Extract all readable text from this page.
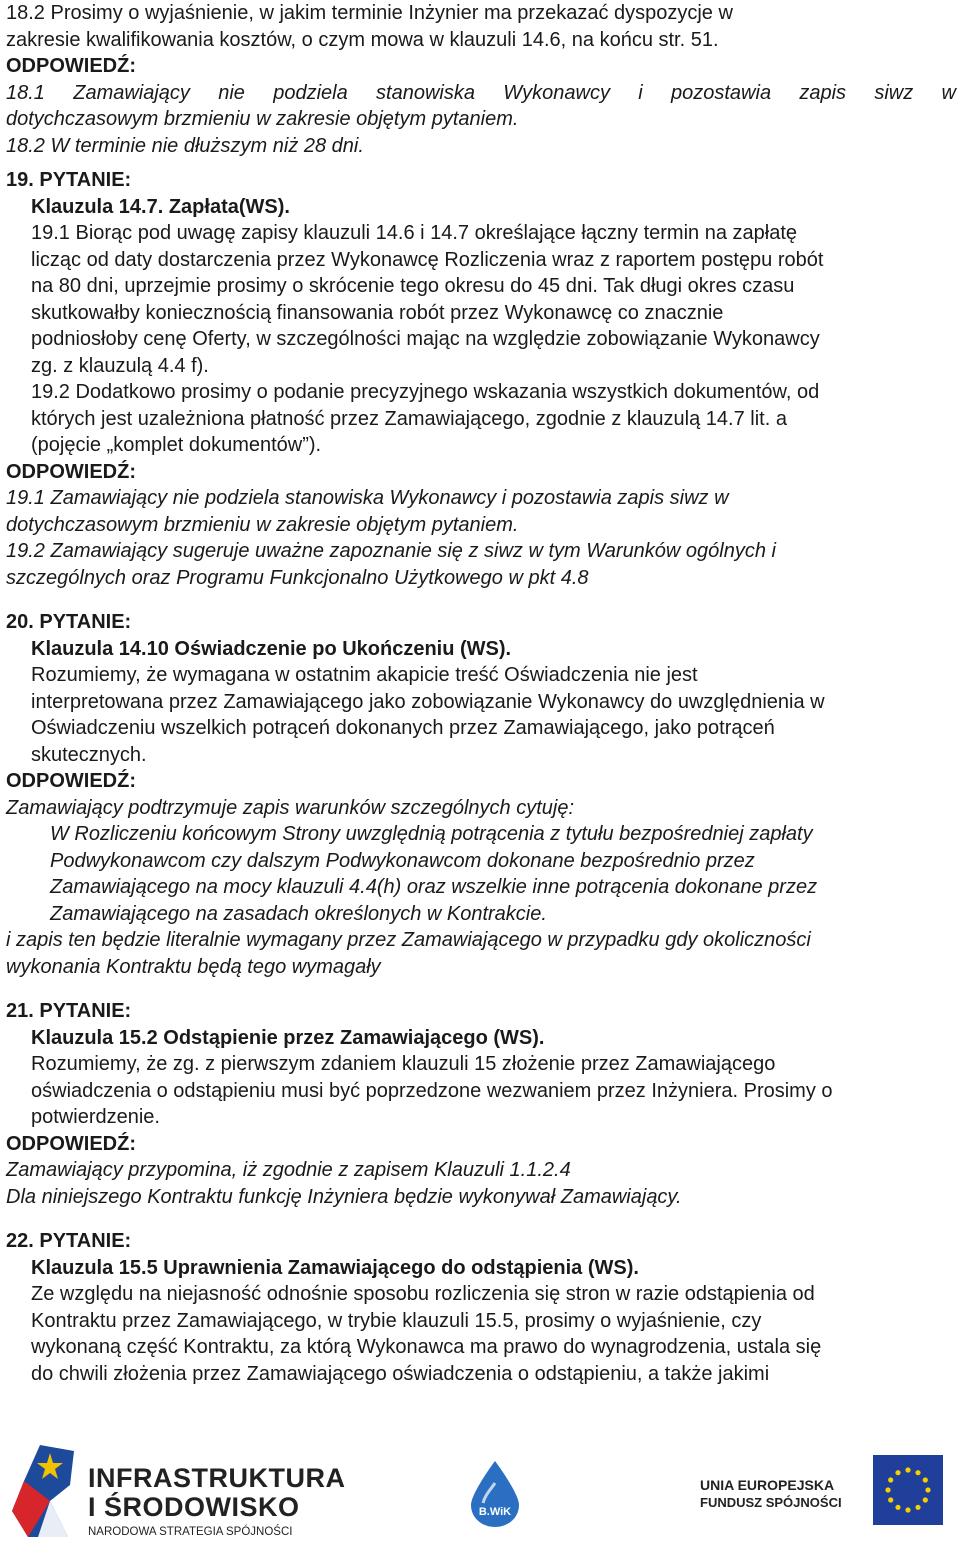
18.2 Prosimy o wyjaśnienie, w jakim terminie Inżynier ma przekazać dyspozycje w
zakresie kwalifikowania kosztów, o czym mowa w klauzuli 14.6, na końcu str. 51.
ODPOWIEDŹ:
18.1 Zamawiający nie podziela stanowiska Wykonawcy i pozostawia zapis siwz w
dotychczasowym brzmieniu w zakresie objętym pytaniem.
18.2 W terminie nie dłuższym niż 28 dni.
19. PYTANIE:
Klauzula 14.7. Zapłata(WS).
19.1 Biorąc pod uwagę zapisy klauzuli 14.6 i 14.7 określające łączny termin na zapłatę
licząc od daty dostarczenia przez Wykonawcę Rozliczenia wraz z raportem postępu robót
na 80 dni, uprzejmie prosimy o skrócenie tego okresu do 45 dni. Tak długi okres czasu
skutkowałby koniecznością finansowania robót przez Wykonawcę co znacznie
podniosłoby cenę Oferty, w szczególności mając na względzie zobowiązanie Wykonawcy
zg. z klauzulą 4.4 f).
19.2 Dodatkowo prosimy o podanie precyzyjnego wskazania wszystkich dokumentów, od
których jest uzależniona płatność przez Zamawiającego, zgodnie z klauzulą 14.7 lit. a
(pojęcie „komplet dokumentów”).
ODPOWIEDŹ:
19.1 Zamawiający nie podziela stanowiska Wykonawcy i pozostawia zapis siwz w
dotychczasowym brzmieniu w zakresie objętym pytaniem.
19.2 Zamawiający sugeruje uważne zapoznanie się z siwz w tym Warunków ogólnych i
szczególnych oraz Programu Funkcjonalno Użytkowego w pkt 4.8
20. PYTANIE:
Klauzula 14.10 Oświadczenie po Ukończeniu (WS).
Rozumiemy, że wymagana w ostatnim akapicie treść Oświadczenia nie jest
interpretowana przez Zamawiającego jako zobowiązanie Wykonawcy do uwzględnienia w
Oświadczeniu wszelkich potrąceń dokonanych przez Zamawiającego, jako potrąceń
skutecznych.
ODPOWIEDŹ:
Zamawiający podtrzymuje zapis warunków szczególnych cytuję:
W Rozliczeniu końcowym Strony uwzględnią potrącenia z tytułu bezpośredniej zapłaty
Podwykonawcom czy dalszym Podwykonawcom dokonane bezpośrednio przez
Zamawiającego na mocy klauzuli 4.4(h) oraz wszelkie inne potrącenia dokonane przez
Zamawiającego na zasadach określonych w Kontrakcie.
i zapis ten będzie literalnie wymagany przez Zamawiającego w przypadku gdy okoliczności
wykonania Kontraktu będą tego wymagały
21. PYTANIE:
Klauzula 15.2 Odstąpienie przez Zamawiającego (WS).
Rozumiemy, że zg. z pierwszym zdaniem klauzuli 15 złożenie przez Zamawiającego
oświadczenia o odstąpieniu musi być poprzedzone wezwaniem przez Inżyniera. Prosimy o
potwierdzenie.
ODPOWIEDŹ:
Zamawiający przypomina, iż zgodnie z zapisem Klauzuli 1.1.2.4
Dla niniejszego Kontraktu funkcję Inżyniera będzie wykonywał Zamawiający.
22. PYTANIE:
Klauzula 15.5 Uprawnienia Zamawiającego do odstąpienia (WS).
Ze względu na niejasność odnośnie sposobu rozliczenia się stron w razie odstąpienia od
Kontraktu przez Zamawiającego, w trybie klauzuli 15.5, prosimy o wyjaśnienie, czy
wykonaną część Kontraktu, za którą Wykonawca ma prawo do wynagrodzenia, ustala się
do chwili złożenia przez Zamawiającego oświadczenia o odstąpieniu, a także jakimi
INFRASTRUKTURA
I ŚRODOWISKO
NARODOWA STRATEGIA SPÓJNOŚCI
B.WiK
UNIA EUROPEJSKA
FUNDUSZ SPÓJNOŚCI
